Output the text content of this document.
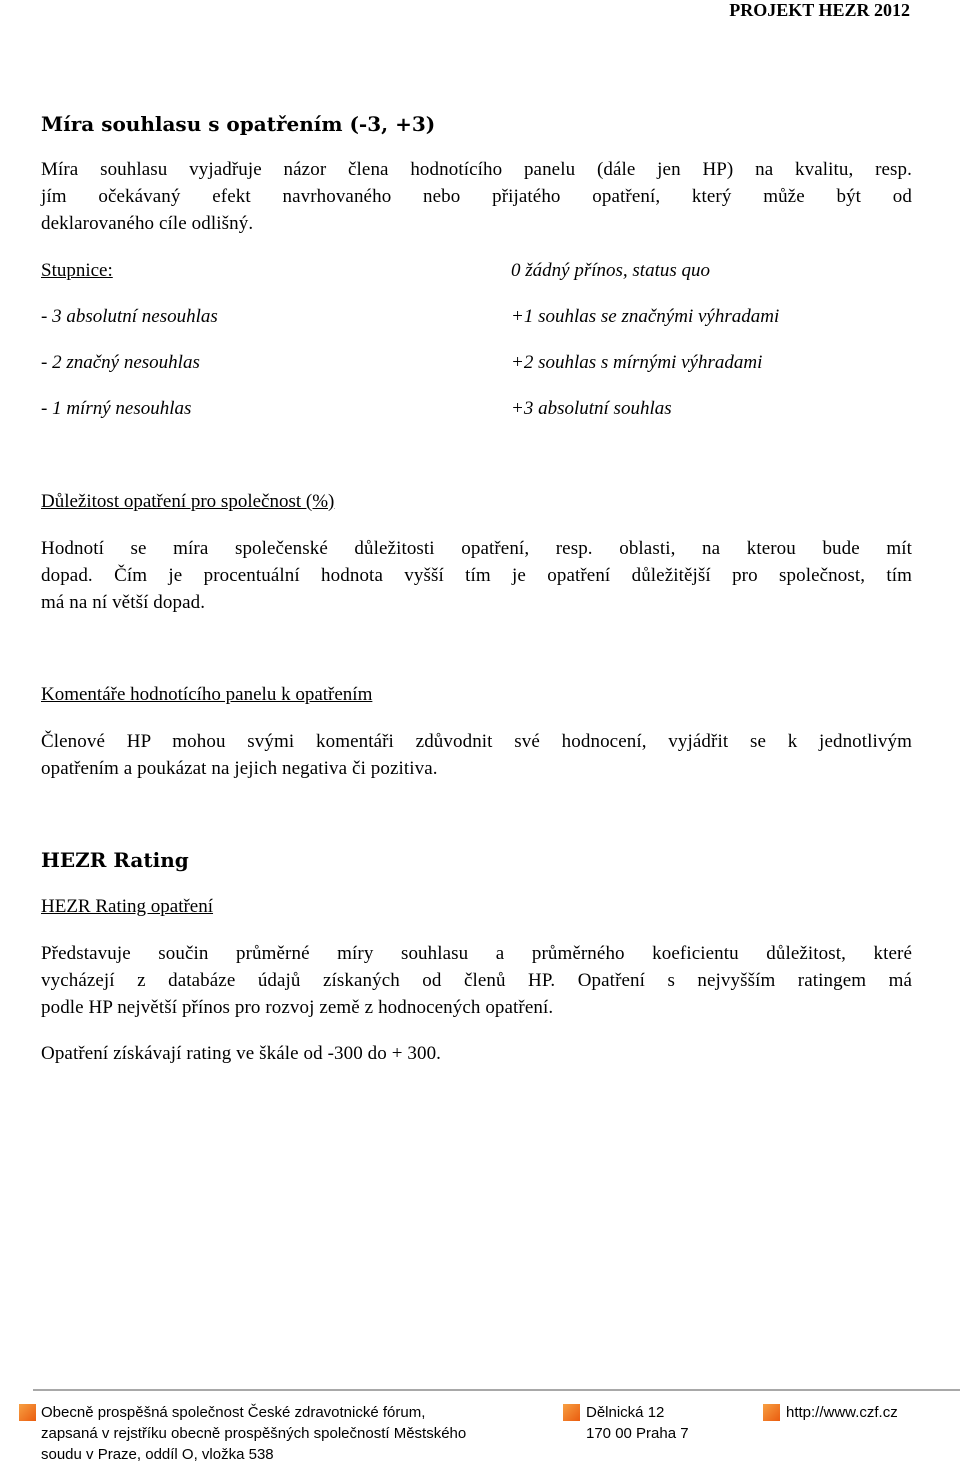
PROJEKT HEZR 2012
Míra souhlasu s opatřením (-3, +3)
Míra souhlasu vyjadřuje názor člena hodnotícího panelu (dále jen HP) na kvalitu, resp.
jím očekávaný efekt navrhovaného nebo přijatého opatření, který může být od
deklarovaného cíle odlišný.
Stupnice:
- 3 absolutní nesouhlas
- 2 značný nesouhlas
- 1 mírný nesouhlas
0 žádný přínos, status quo
+1 souhlas se značnými výhradami
+2 souhlas s mírnými výhradami
+3 absolutní souhlas
Důležitost opatření pro společnost (%)
Hodnotí se míra společenské důležitosti opatření, resp. oblasti, na kterou bude mít
dopad. Čím je procentuální hodnota vyšší tím je opatření důležitější pro společnost, tím
má na ní větší dopad.
Komentáře hodnotícího panelu k opatřením
Členové HP mohou svými komentáři zdůvodnit své hodnocení, vyjádřit se k jednotlivým
opatřením a poukázat na jejich negativa či pozitiva.
HEZR Rating
HEZR Rating opatření
Představuje součin průměrné míry souhlasu a průměrného koeficientu důležitost, které
vycházejí z databáze údajů získaných od členů HP. Opatření s nejvyšším ratingem má
podle HP největší přínos pro rozvoj země z hodnocených opatření.
Opatření získávají rating ve škále od -300 do + 300.
Obecně prospěšná společnost České zdravotnické fórum,
zapsaná v rejstříku obecně prospěšných společností Městského
soudu v Praze, oddíl O, vložka 538
Dělnická 12
170 00 Praha 7
http://www.czf.cz
